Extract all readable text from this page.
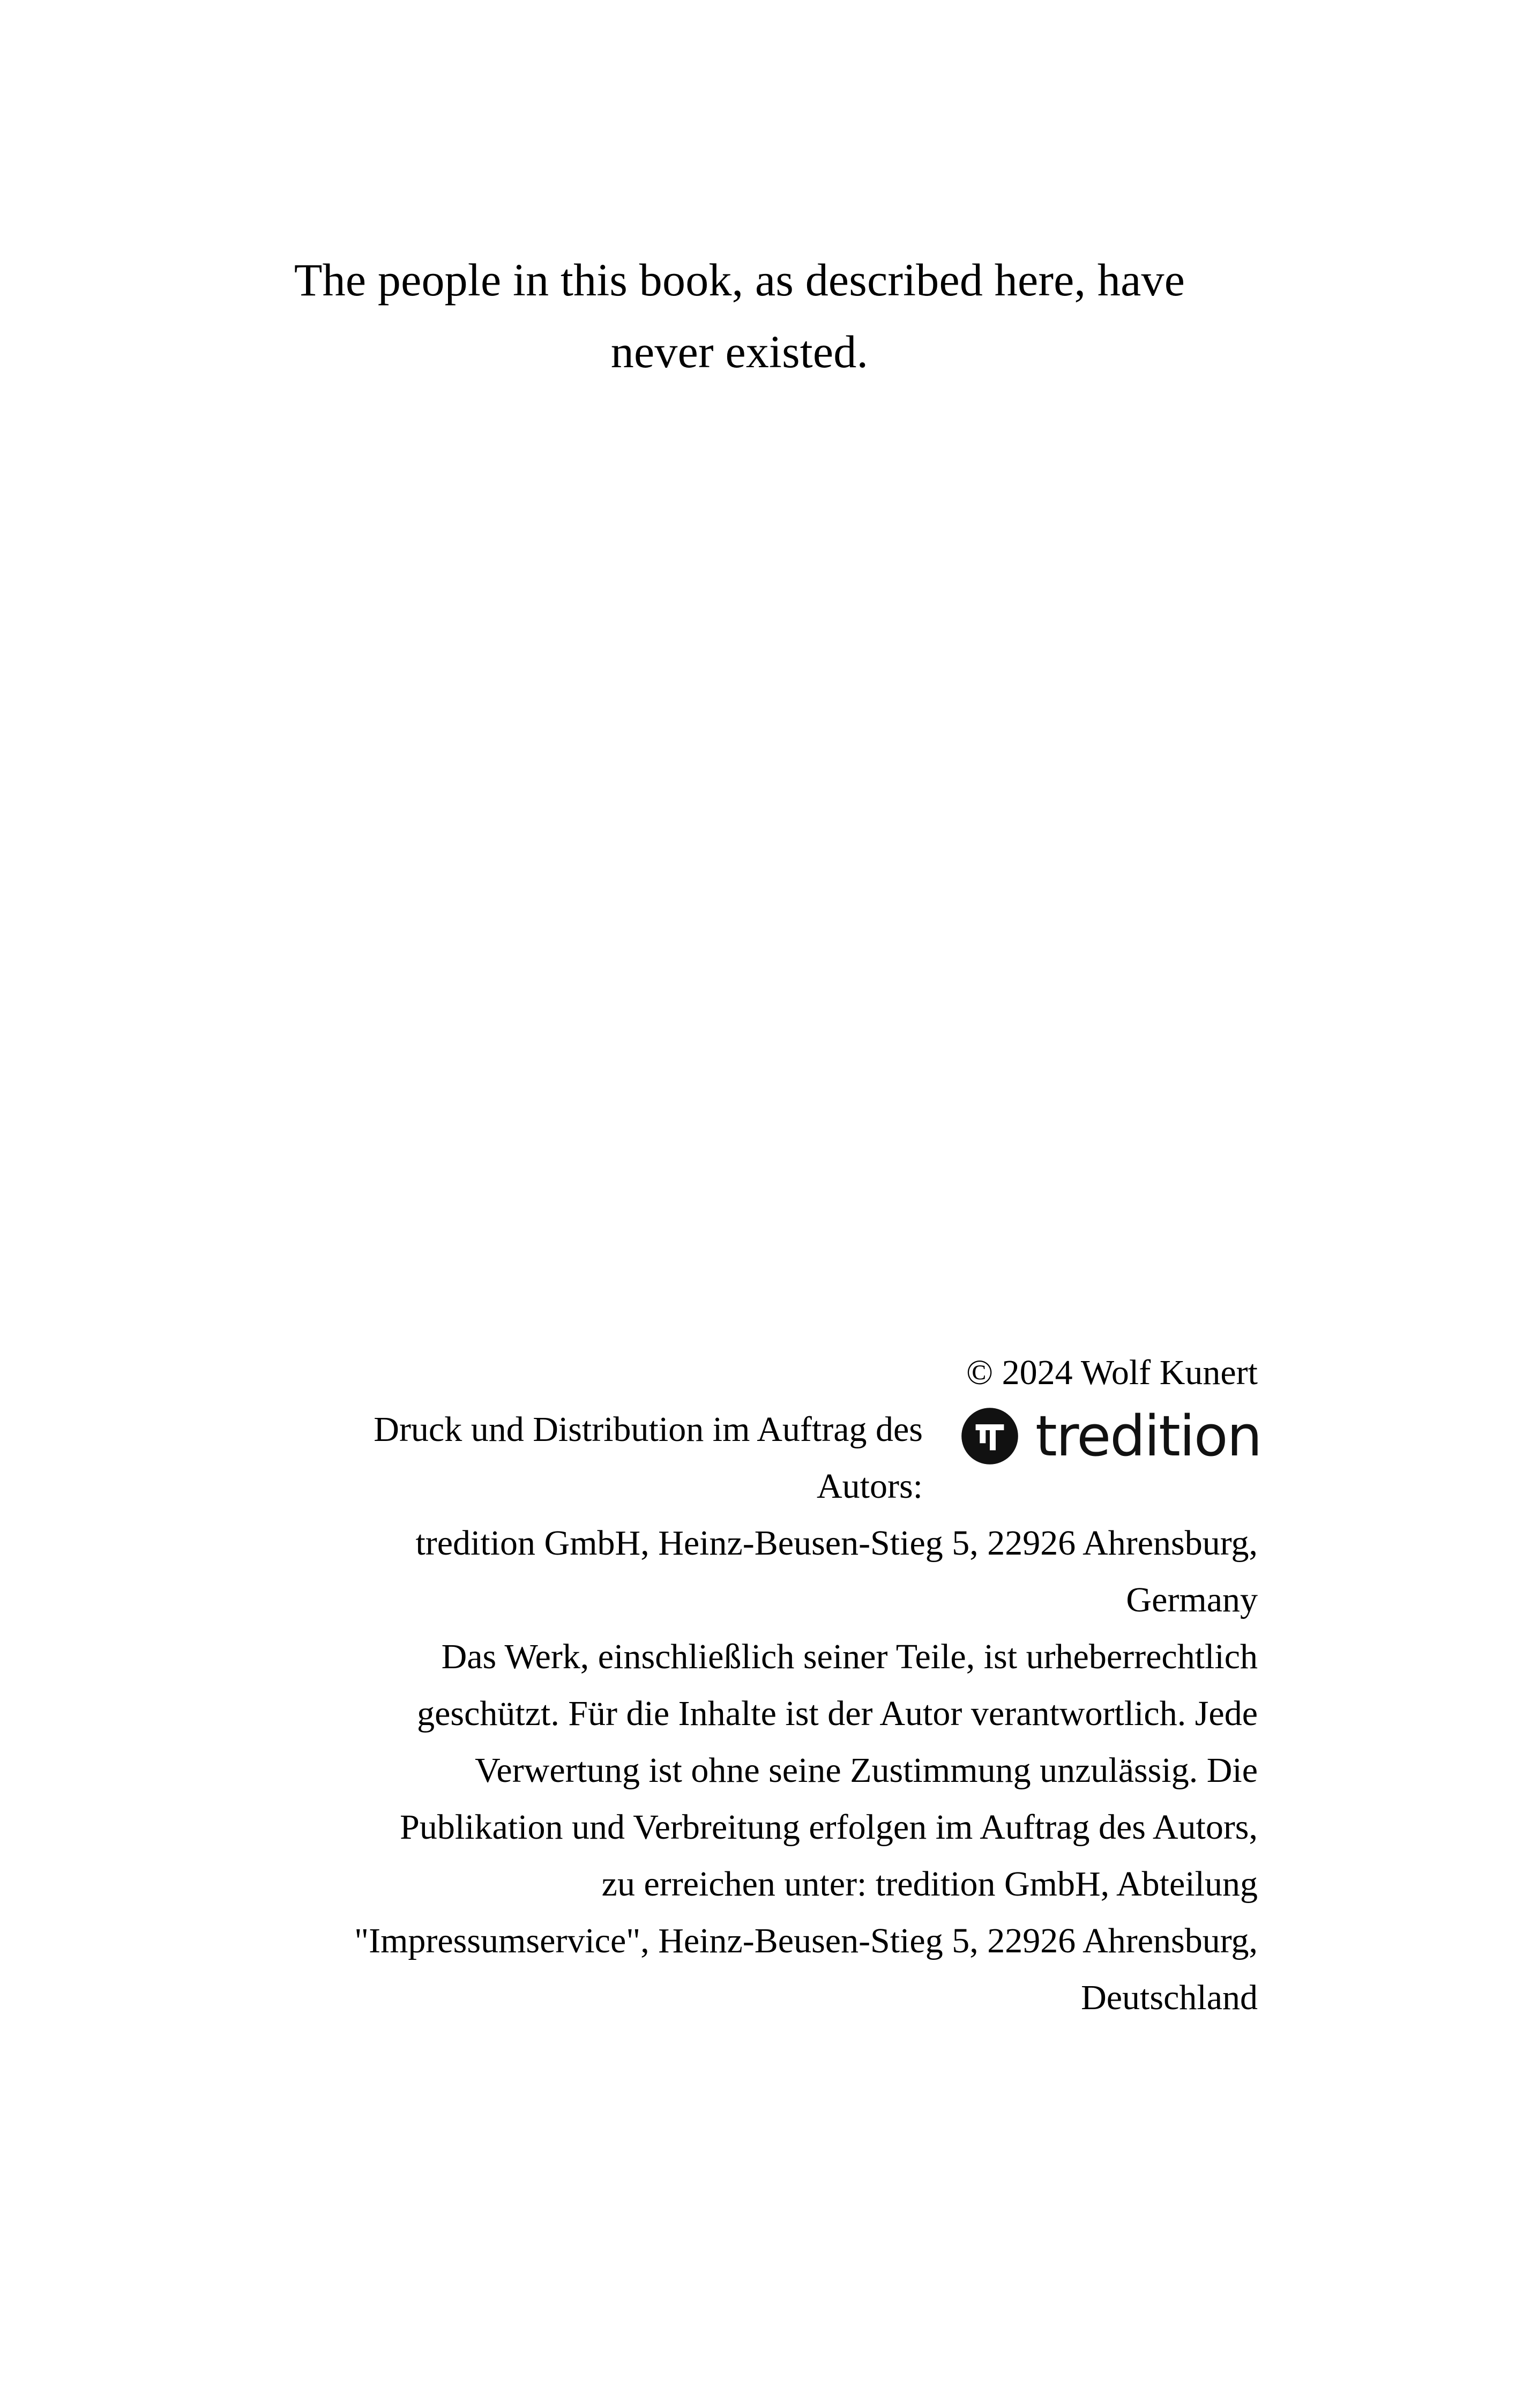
The people in this book, as described here, have
never existed.
© 2024 Wolf Kunert
Druck und Distribution im Auftrag des
Autors:
tredition
tredition GmbH, Heinz-Beusen-Stieg 5, 22926 Ahrensburg,
Germany
Das Werk, einschließlich seiner Teile, ist urheberrechtlich
geschützt. Für die Inhalte ist der Autor verantwortlich. Jede
Verwertung ist ohne seine Zustimmung unzulässig. Die
Publikation und Verbreitung erfolgen im Auftrag des Autors,
zu erreichen unter: tredition GmbH, Abteilung
"Impressumservice", Heinz-Beusen-Stieg 5, 22926 Ahrensburg,
Deutschland
